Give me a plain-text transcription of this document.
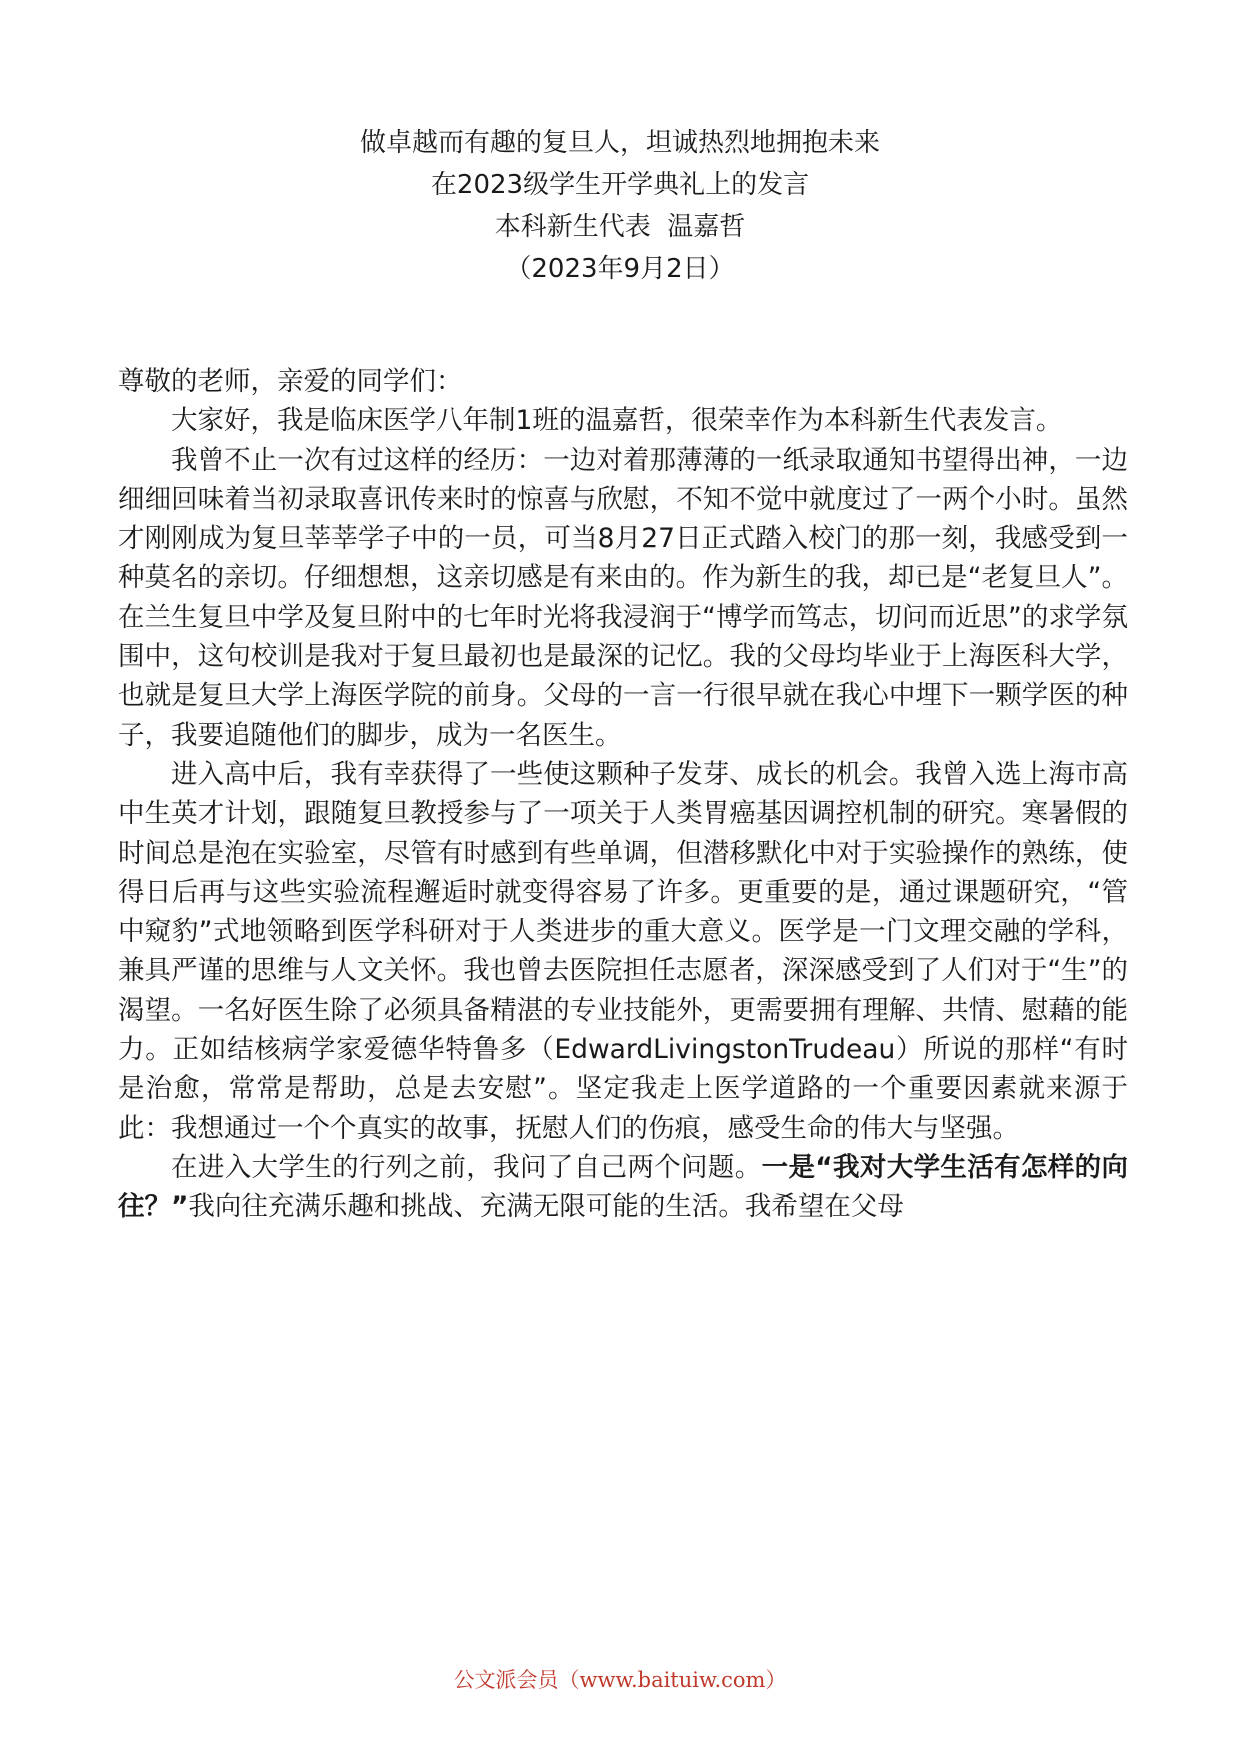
做卓越而有趣的复旦人，坦诚热烈地拥抱未来
在2023级学生开学典礼上的发言
本科新生代表  温嘉哲
（2023年9月2日）

尊敬的老师，亲爱的同学们：

大家好，我是临床医学八年制1班的温嘉哲，很荣幸作为本科新生代表发言。

我曾不止一次有过这样的经历：一边对着那薄薄的一纸录取通知书望得出神，一边细细回味着当初录取喜讯传来时的惊喜与欣慰，不知不觉中就度过了一两个小时。虽然才刚刚成为复旦莘莘学子中的一员，可当8月27日正式踏入校门的那一刻，我感受到一种莫名的亲切。仔细想想，这亲切感是有来由的。作为新生的我，却已是“老复旦人”。在兰生复旦中学及复旦附中的七年时光将我浸润于“博学而笃志，切问而近思”的求学氛围中，这句校训是我对于复旦最初也是最深的记忆。我的父母均毕业于上海医科大学，也就是复旦大学上海医学院的前身。父母的一言一行很早就在我心中埋下一颗学医的种子，我要追随他们的脚步，成为一名医生。

进入高中后，我有幸获得了一些使这颗种子发芽、成长的机会。我曾入选上海市高中生英才计划，跟随复旦教授参与了一项关于人类胃癌基因调控机制的研究。寒暑假的时间总是泡在实验室，尽管有时感到有些单调，但潜移默化中对于实验操作的熟练，使得日后再与这些实验流程邂逅时就变得容易了许多。更重要的是，通过课题研究，“管中窥豹”式地领略到医学科研对于人类进步的重大意义。医学是一门文理交融的学科，兼具严谨的思维与人文关怀。我也曾去医院担任志愿者，深深感受到了人们对于“生”的渴望。一名好医生除了必须具备精湛的专业技能外，更需要拥有理解、共情、慰藉的能力。正如结核病学家爱德华特鲁多（EdwardLivingstonTrudeau）所说的那样“有时是治愈，常常是帮助，总是去安慰”。坚定我走上医学道路的一个重要因素就来源于此：我想通过一个个真实的故事，抚慰人们的伤痕，感受生命的伟大与坚强。

在进入大学生的行列之前，我问了自己两个问题。一是“我对大学生活有怎样的向往？”我向往充满乐趣和挑战、充满无限可能的生活。我希望在父母

公文派会员（www.baituiw.com）
